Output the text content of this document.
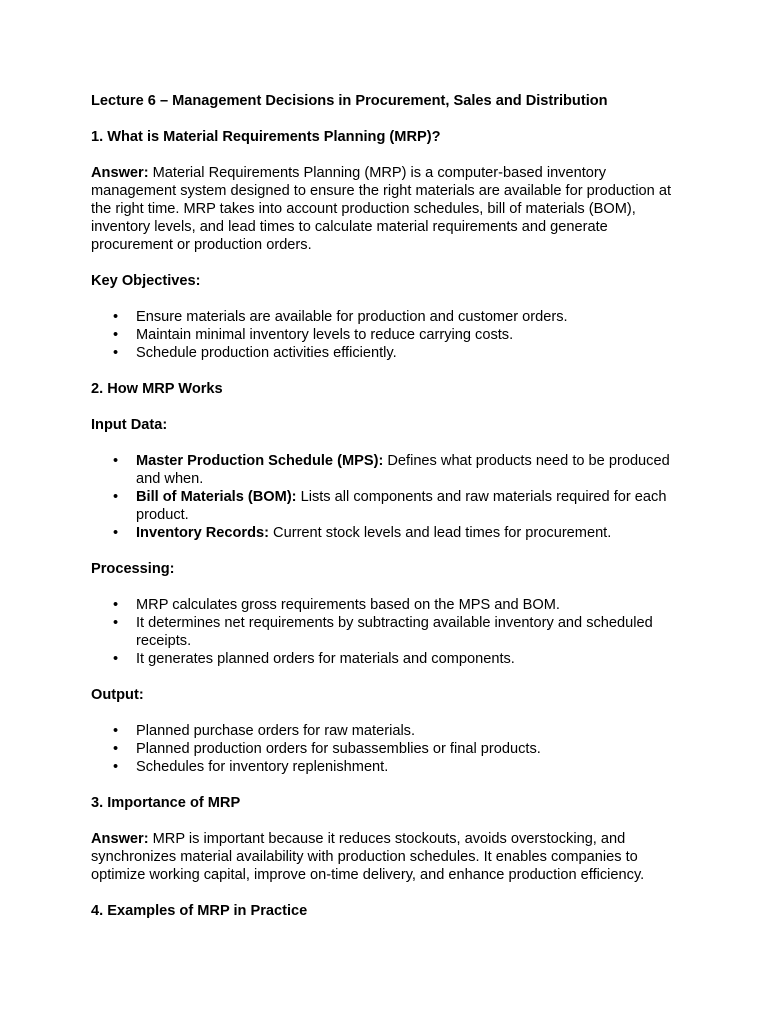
Lecture 6 – Management Decisions in Procurement, Sales and Distribution
1. What is Material Requirements Planning (MRP)?
Answer: Material Requirements Planning (MRP) is a computer-based inventory management system designed to ensure the right materials are available for production at the right time. MRP takes into account production schedules, bill of materials (BOM), inventory levels, and lead times to calculate material requirements and generate procurement or production orders.
Key Objectives:
• Ensure materials are available for production and customer orders.
• Maintain minimal inventory levels to reduce carrying costs.
• Schedule production activities efficiently.
2. How MRP Works
Input Data:
• Master Production Schedule (MPS): Defines what products need to be produced and when.
• Bill of Materials (BOM): Lists all components and raw materials required for each product.
• Inventory Records: Current stock levels and lead times for procurement.
Processing:
• MRP calculates gross requirements based on the MPS and BOM.
• It determines net requirements by subtracting available inventory and scheduled receipts.
• It generates planned orders for materials and components.
Output:
• Planned purchase orders for raw materials.
• Planned production orders for subassemblies or final products.
• Schedules for inventory replenishment.
3. Importance of MRP
Answer: MRP is important because it reduces stockouts, avoids overstocking, and synchronizes material availability with production schedules. It enables companies to optimize working capital, improve on-time delivery, and enhance production efficiency.
4. Examples of MRP in Practice
